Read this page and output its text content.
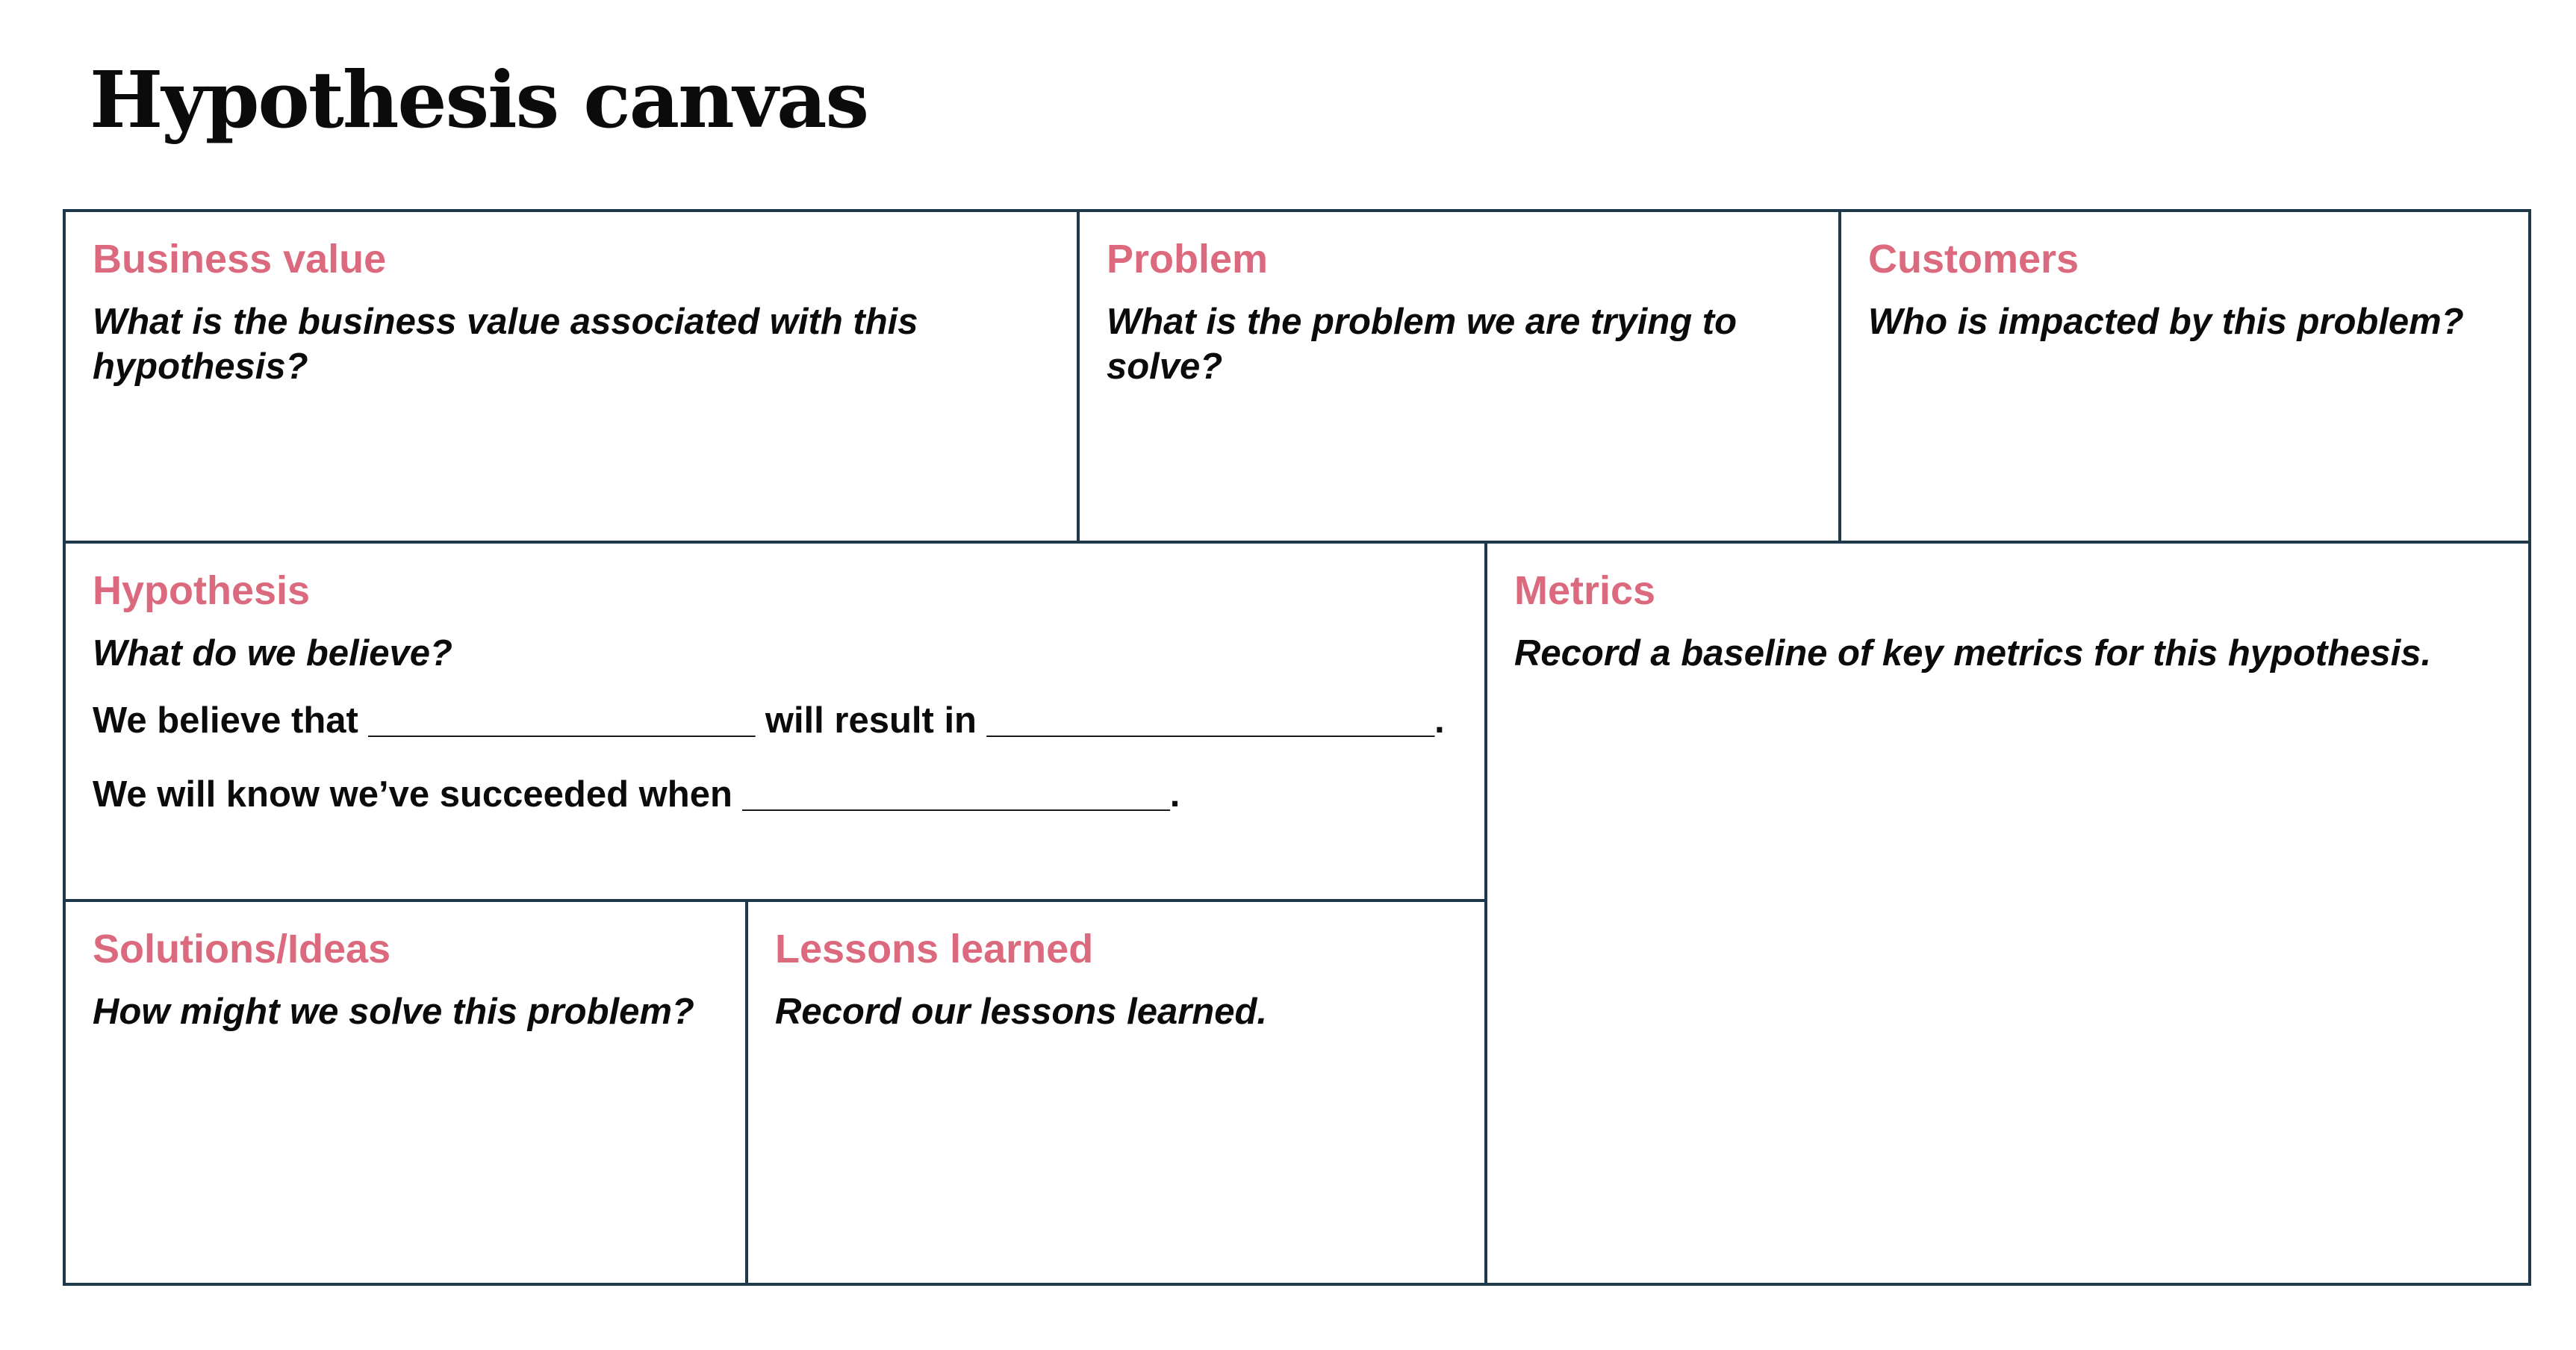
Hypothesis canvas
Business value

What is the business value associated with this hypothesis?

Problem

What is the problem we are trying to solve?

Customers

Who is impacted by this problem?

Hypothesis

What do we believe?

We believe that ___________________ will result in ______________________.

We will know we’ve succeeded when _____________________.

Metrics

Record a baseline of key metrics for this hypothesis.

Solutions/Ideas

How might we solve this problem?

Lessons learned

Record our lessons learned.
